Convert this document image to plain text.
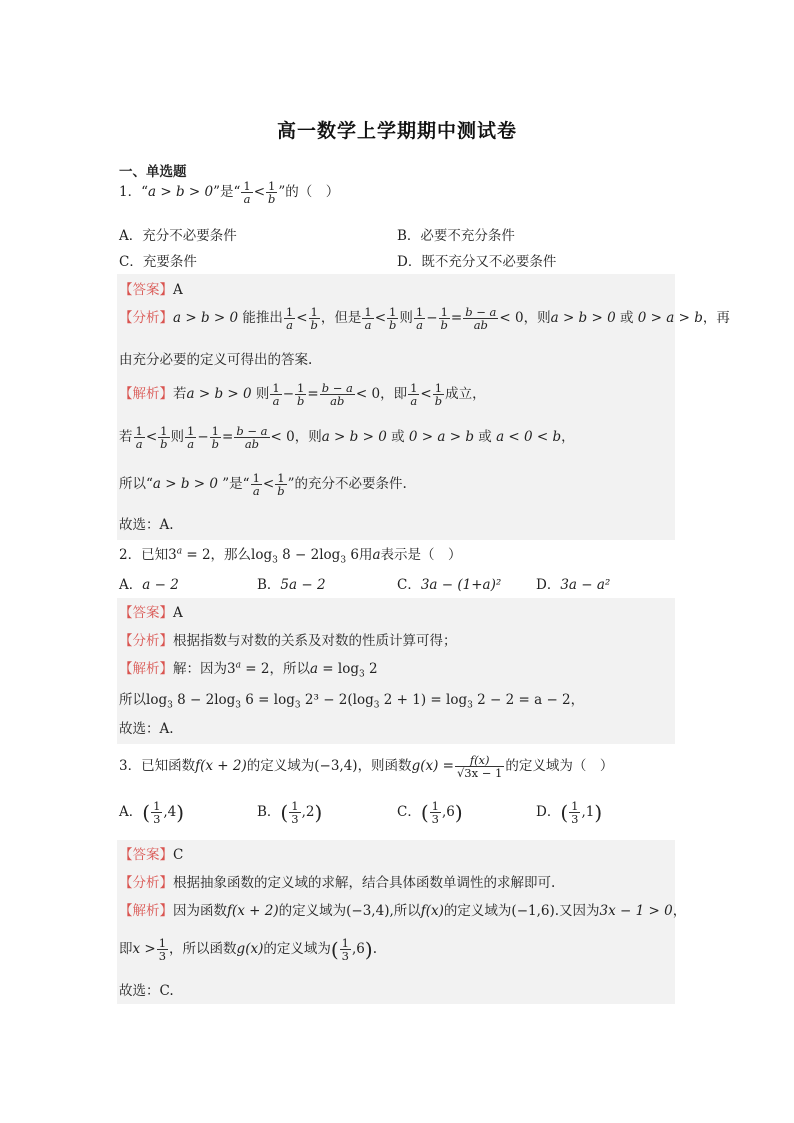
高一数学上学期期中测试卷
一、单选题
1．“a > b > 0”是“ $\frac{1}{a} < \frac{1}{b}$ ”的（　）
A．充分不必要条件	B．必要不充分条件
C．充要条件	D．既不充分又不必要条件
【答案】A
【分析】a > b > 0 能推出 $\frac{1}{a} < \frac{1}{b}$ ，但是 $\frac{1}{a} < \frac{1}{b}$ 则 $\frac{1}{a} - \frac{1}{b} = \frac{b - a}{ab} < 0$，则a > b > 0 或 0 > a > b，再
由充分必要的定义可得出的答案.
【解析】若a > b > 0 则 $\frac{1}{a} - \frac{1}{b} = \frac{b - a}{ab} < 0$，即 $\frac{1}{a} < \frac{1}{b}$ 成立，
若 $\frac{1}{a} < \frac{1}{b}$ 则 $\frac{1}{a} - \frac{1}{b} = \frac{b - a}{ab} < 0$，则a > b > 0 或 0 > a > b 或 a < 0 < b，
所以“a > b > 0 ”是“ $\frac{1}{a} < \frac{1}{b}$ ”的充分不必要条件.
故选：A.
2．已知$3^a = 2$，那么$\log_3 8 - 2\log_3$ 6用a表示是（　）
A．a − 2	B．5a − 2	C．3a − (1+a)²	D．3a − a²
【答案】A
【分析】根据指数与对数的关系及对数的性质计算可得；
【解析】解：因为$3^a = 2$，所以$a = \log_3 2$
所以$\log_3 8 - 2\log_3$ $6 = \log_3 2^3 - 2(\log_3$ $2 + 1) = \log_3 2 - 2 = a - 2$，
故选：A.
3．已知函数f(x + 2)的定义域为(−3,4)，则函数$g(x) = \frac{f(x)}{√3x - 1}$ 的定义域为（　）
A．( $\frac{1}{3} ,4$)	B．( $\frac{1}{3} ,2$)	C．( $\frac{1}{3} ,6$)	D．( $\frac{1}{3} ,1$)
【答案】C
【分析】根据抽象函数的定义域的求解，结合具体函数单调性的求解即可.
【解析】因为函数f(x + 2)的定义域为(−3,4),所以f(x)的定义域为(−1,6).又因为3x − 1 > 0，
即$x > \frac{1}{3}$ ，所以函数g(x)的定义域为( $\frac{1}{3} ,6$).
故选：C.
